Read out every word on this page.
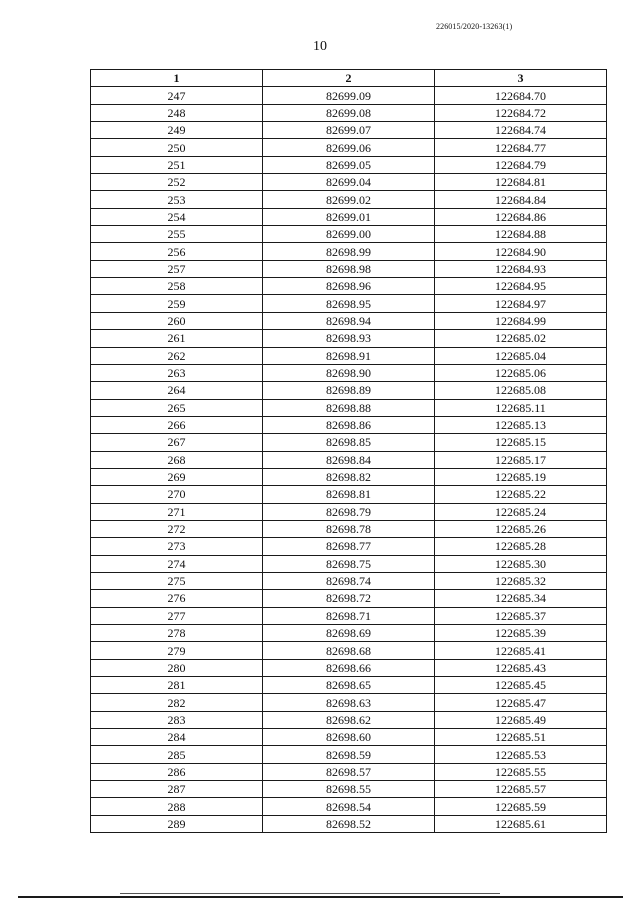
226015/2020-13263(1)
10
1	2	3
247	82699.09	122684.70
248	82699.08	122684.72
249	82699.07	122684.74
250	82699.06	122684.77
251	82699.05	122684.79
252	82699.04	122684.81
253	82699.02	122684.84
254	82699.01	122684.86
255	82699.00	122684.88
256	82698.99	122684.90
257	82698.98	122684.93
258	82698.96	122684.95
259	82698.95	122684.97
260	82698.94	122684.99
261	82698.93	122685.02
262	82698.91	122685.04
263	82698.90	122685.06
264	82698.89	122685.08
265	82698.88	122685.11
266	82698.86	122685.13
267	82698.85	122685.15
268	82698.84	122685.17
269	82698.82	122685.19
270	82698.81	122685.22
271	82698.79	122685.24
272	82698.78	122685.26
273	82698.77	122685.28
274	82698.75	122685.30
275	82698.74	122685.32
276	82698.72	122685.34
277	82698.71	122685.37
278	82698.69	122685.39
279	82698.68	122685.41
280	82698.66	122685.43
281	82698.65	122685.45
282	82698.63	122685.47
283	82698.62	122685.49
284	82698.60	122685.51
285	82698.59	122685.53
286	82698.57	122685.55
287	82698.55	122685.57
288	82698.54	122685.59
289	82698.52	122685.61
